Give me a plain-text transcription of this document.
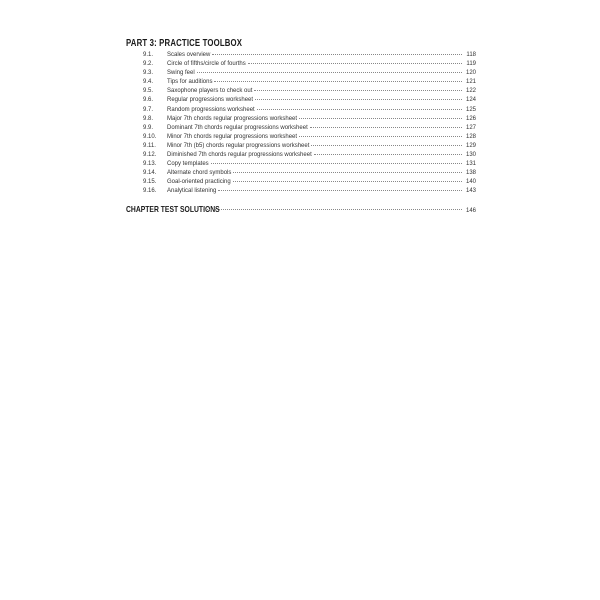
PART 3: PRACTICE TOOLBOX
9.1.	Scales overview	118
9.2.	Circle of fifths/circle of fourths	119
9.3.	Swing feel	120
9.4.	Tips for auditions	121
9.5.	Saxophone players to check out	122
9.6.	Regular progressions worksheet	124
9.7.	Random progressions worksheet	125
9.8.	Major 7th chords regular progressions worksheet	126
9.9.	Dominant 7th chords regular progressions worksheet	127
9.10.	Minor 7th chords regular progressions worksheet	128
9.11.	Minor 7th (b5) chords regular progressions worksheet	129
9.12.	Diminished 7th chords regular progressions worksheet	130
9.13.	Copy templates	131
9.14.	Alternate chord symbols	138
9.15.	Goal-oriented practicing	140
9.16.	Analytical listening	143
CHAPTER TEST SOLUTIONS	146
